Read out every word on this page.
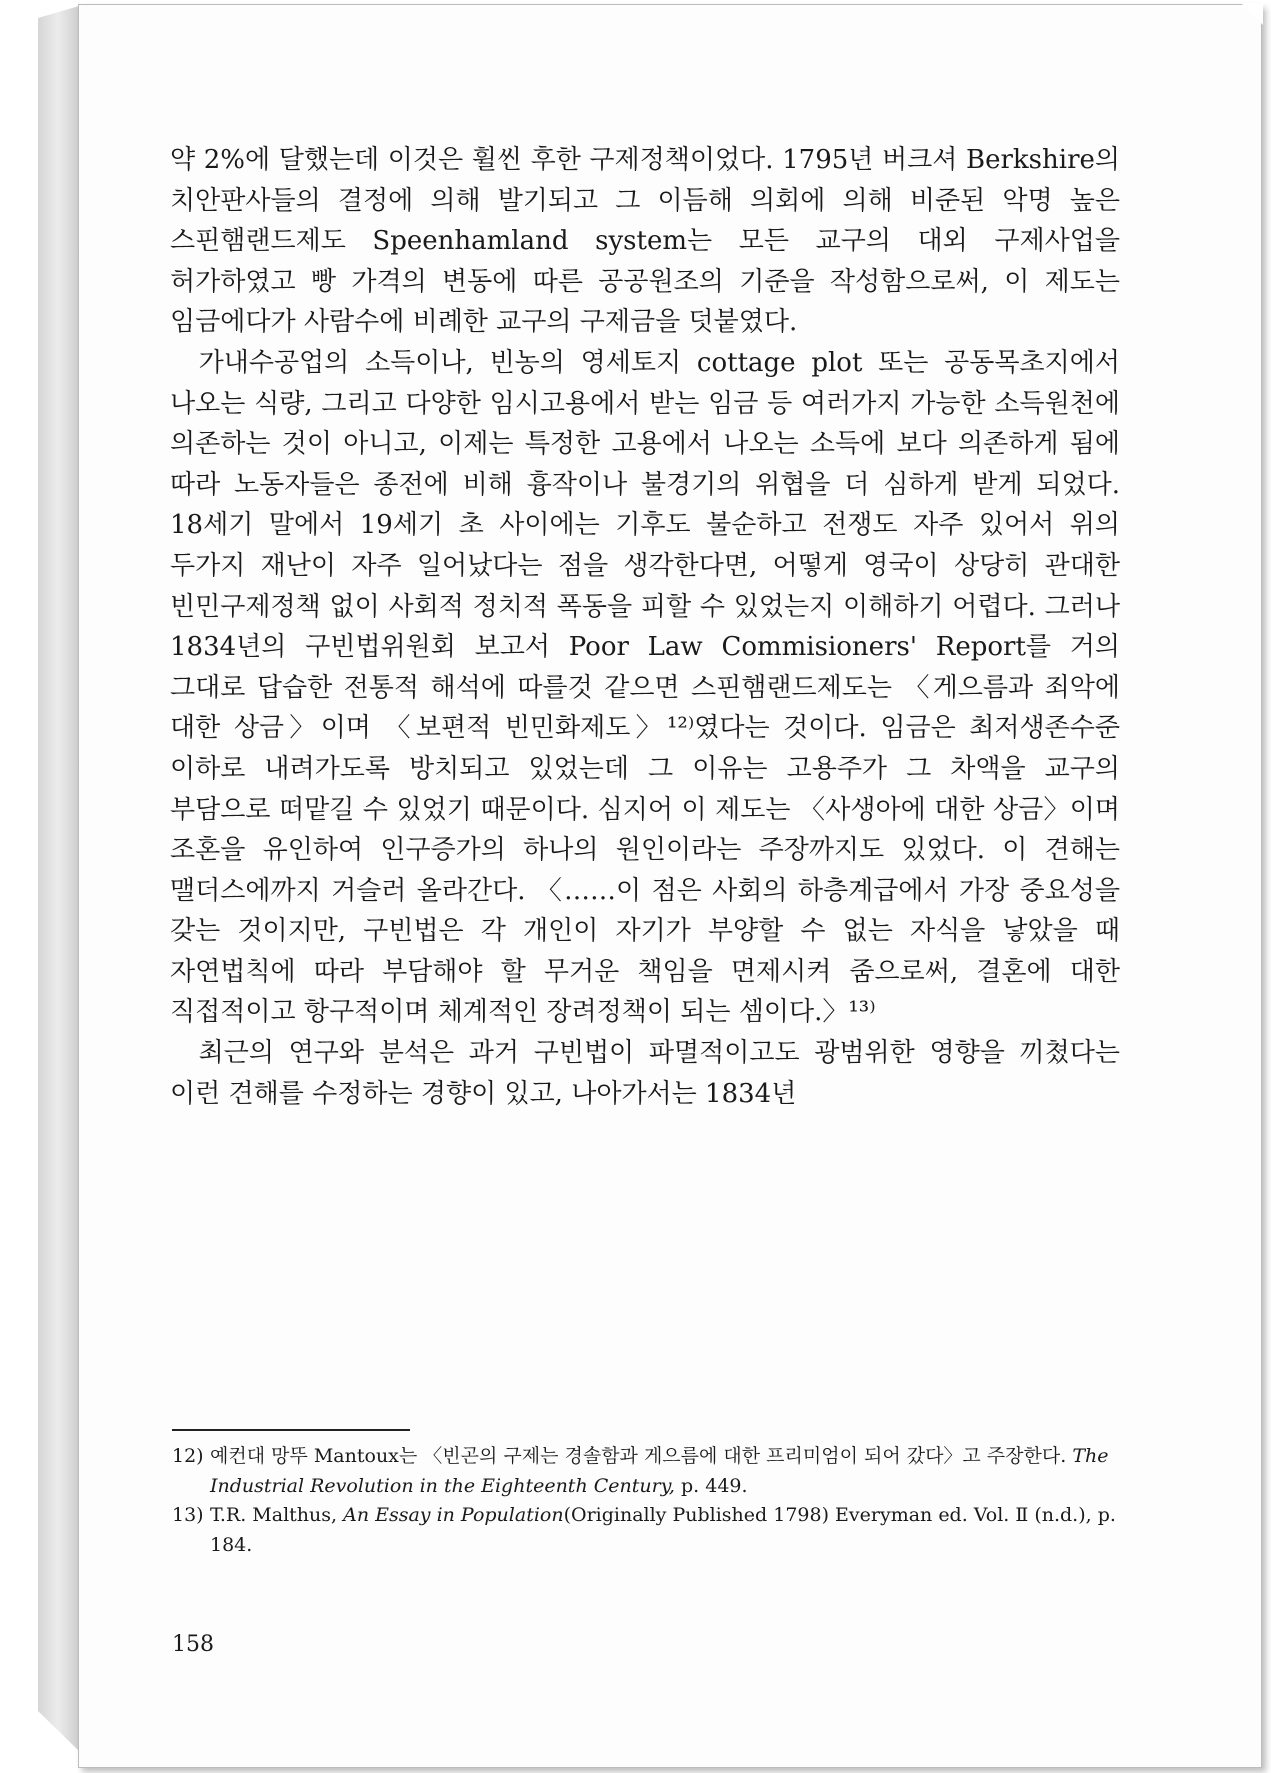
약 2%에 달했는데 이것은 휠씬 후한 구제정책이었다. 1795년 버크셔 Berkshire의 치안판사들의 결정에 의해 발기되고 그 이듬해 의회에 의해 비준된 악명 높은 스핀햄랜드제도 Speenhamland system는 모든 교구의 대외 구제사업을 허가하였고 빵 가격의 변동에 따른 공공원조의 기준을 작성함으로써, 이 제도는 임금에다가 사람수에 비례한 교구의 구제금을 덧붙였다.

가내수공업의 소득이나, 빈농의 영세토지 cottage plot 또는 공동목초지에서 나오는 식량, 그리고 다양한 임시고용에서 받는 임금 등 여러가지 가능한 소득원천에 의존하는 것이 아니고, 이제는 특정한 고용에서 나오는 소득에 보다 의존하게 됨에 따라 노동자들은 종전에 비해 흉작이나 불경기의 위협을 더 심하게 받게 되었다. 18세기 말에서 19세기 초 사이에는 기후도 불순하고 전쟁도 자주 있어서 위의 두가지 재난이 자주 일어났다는 점을 생각한다면, 어떻게 영국이 상당히 관대한 빈민구제정책 없이 사회적 정치적 폭동을 피할 수 있었는지 이해하기 어렵다. 그러나 1834년의 구빈법위원회 보고서 Poor Law Commisioners' Report를 거의 그대로 답습한 전통적 해석에 따를것 같으면 스핀햄랜드제도는 〈게으름과 죄악에 대한 상금〉이며 〈보편적 빈민화제도〉¹²⁾였다는 것이다. 임금은 최저생존수준 이하로 내려가도록 방치되고 있었는데 그 이유는 고용주가 그 차액을 교구의 부담으로 떠맡길 수 있었기 때문이다. 심지어 이 제도는 〈사생아에 대한 상금〉이며 조혼을 유인하여 인구증가의 하나의 원인이라는 주장까지도 있었다. 이 견해는 맬더스에까지 거슬러 올라간다. 〈……이 점은 사회의 하층계급에서 가장 중요성을 갖는 것이지만, 구빈법은 각 개인이 자기가 부양할 수 없는 자식을 낳았을 때 자연법칙에 따라 부담해야 할 무거운 책임을 면제시켜 줌으로써, 결혼에 대한 직접적이고 항구적이며 체계적인 장려정책이 되는 셈이다.〉¹³⁾

최근의 연구와 분석은 과거 구빈법이 파멸적이고도 광범위한 영향을 끼쳤다는 이런 견해를 수정하는 경향이 있고, 나아가서는 1834년

12) 예컨대 망뚜 Mantoux는 〈빈곤의 구제는 경솔함과 게으름에 대한 프리미엄이 되어 갔다〉고 주장한다. The Industrial Revolution in the Eighteenth Century, p. 449.
13) T.R. Malthus, An Essay in Population(Originally Published 1798) Everyman ed. Vol. Ⅱ (n.d.), p. 184.
158
